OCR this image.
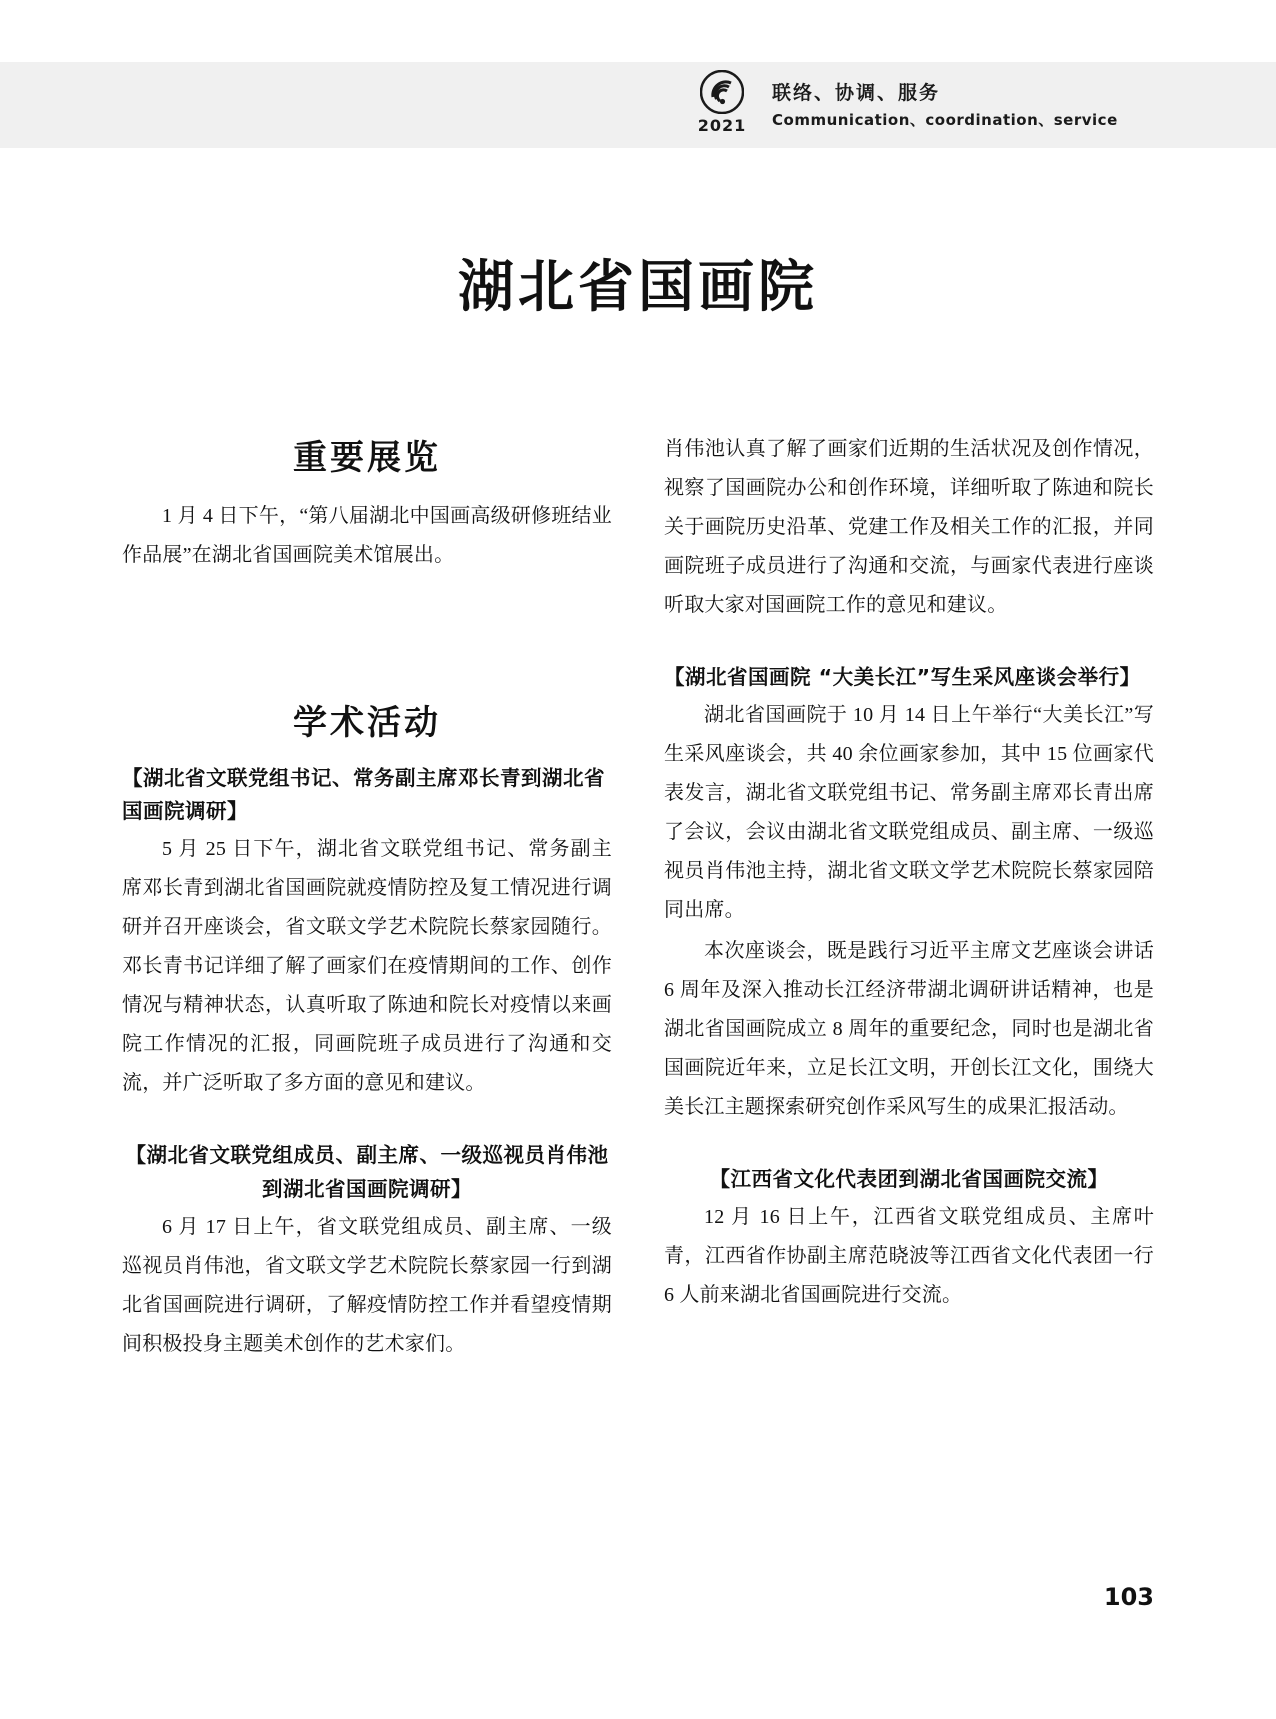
2021
联络、协调、服务
Communication、coordination、service
湖北省国画院
重要展览

1 月 4 日下午，“第八届湖北中国画高级研修班结业作品展”在湖北省国画院美术馆展出。

学术活动
【湖北省文联党组书记、常务副主席邓长青到湖北省国画院调研】

5 月 25 日下午，湖北省文联党组书记、常务副主席邓长青到湖北省国画院就疫情防控及复工情况进行调研并召开座谈会，省文联文学艺术院院长蔡家园随行。邓长青书记详细了解了画家们在疫情期间的工作、创作情况与精神状态，认真听取了陈迪和院长对疫情以来画院工作情况的汇报，同画院班子成员进行了沟通和交流，并广泛听取了多方面的意见和建议。

【湖北省文联党组成员、副主席、一级巡视员肖伟池到湖北省国画院调研】

6 月 17 日上午，省文联党组成员、副主席、一级巡视员肖伟池，省文联文学艺术院院长蔡家园一行到湖北省国画院进行调研，了解疫情防控工作并看望疫情期间积极投身主题美术创作的艺术家们。

肖伟池认真了解了画家们近期的生活状况及创作情况，视察了国画院办公和创作环境，详细听取了陈迪和院长关于画院历史沿革、党建工作及相关工作的汇报，并同画院班子成员进行了沟通和交流，与画家代表进行座谈听取大家对国画院工作的意见和建议。

【湖北省国画院 “大美长江”写生采风座谈会举行】

湖北省国画院于 10 月 14 日上午举行“大美长江”写生采风座谈会，共 40 余位画家参加，其中 15 位画家代表发言，湖北省文联党组书记、常务副主席邓长青出席了会议，会议由湖北省文联党组成员、副主席、一级巡视员肖伟池主持，湖北省文联文学艺术院院长蔡家园陪同出席。

本次座谈会，既是践行习近平主席文艺座谈会讲话 6 周年及深入推动长江经济带湖北调研讲话精神，也是湖北省国画院成立 8 周年的重要纪念，同时也是湖北省国画院近年来，立足长江文明，开创长江文化，围绕大美长江主题探索研究创作采风写生的成果汇报活动。

【江西省文化代表团到湖北省国画院交流】

12 月 16 日上午，江西省文联党组成员、主席叶青，江西省作协副主席范晓波等江西省文化代表团一行 6 人前来湖北省国画院进行交流。

103
